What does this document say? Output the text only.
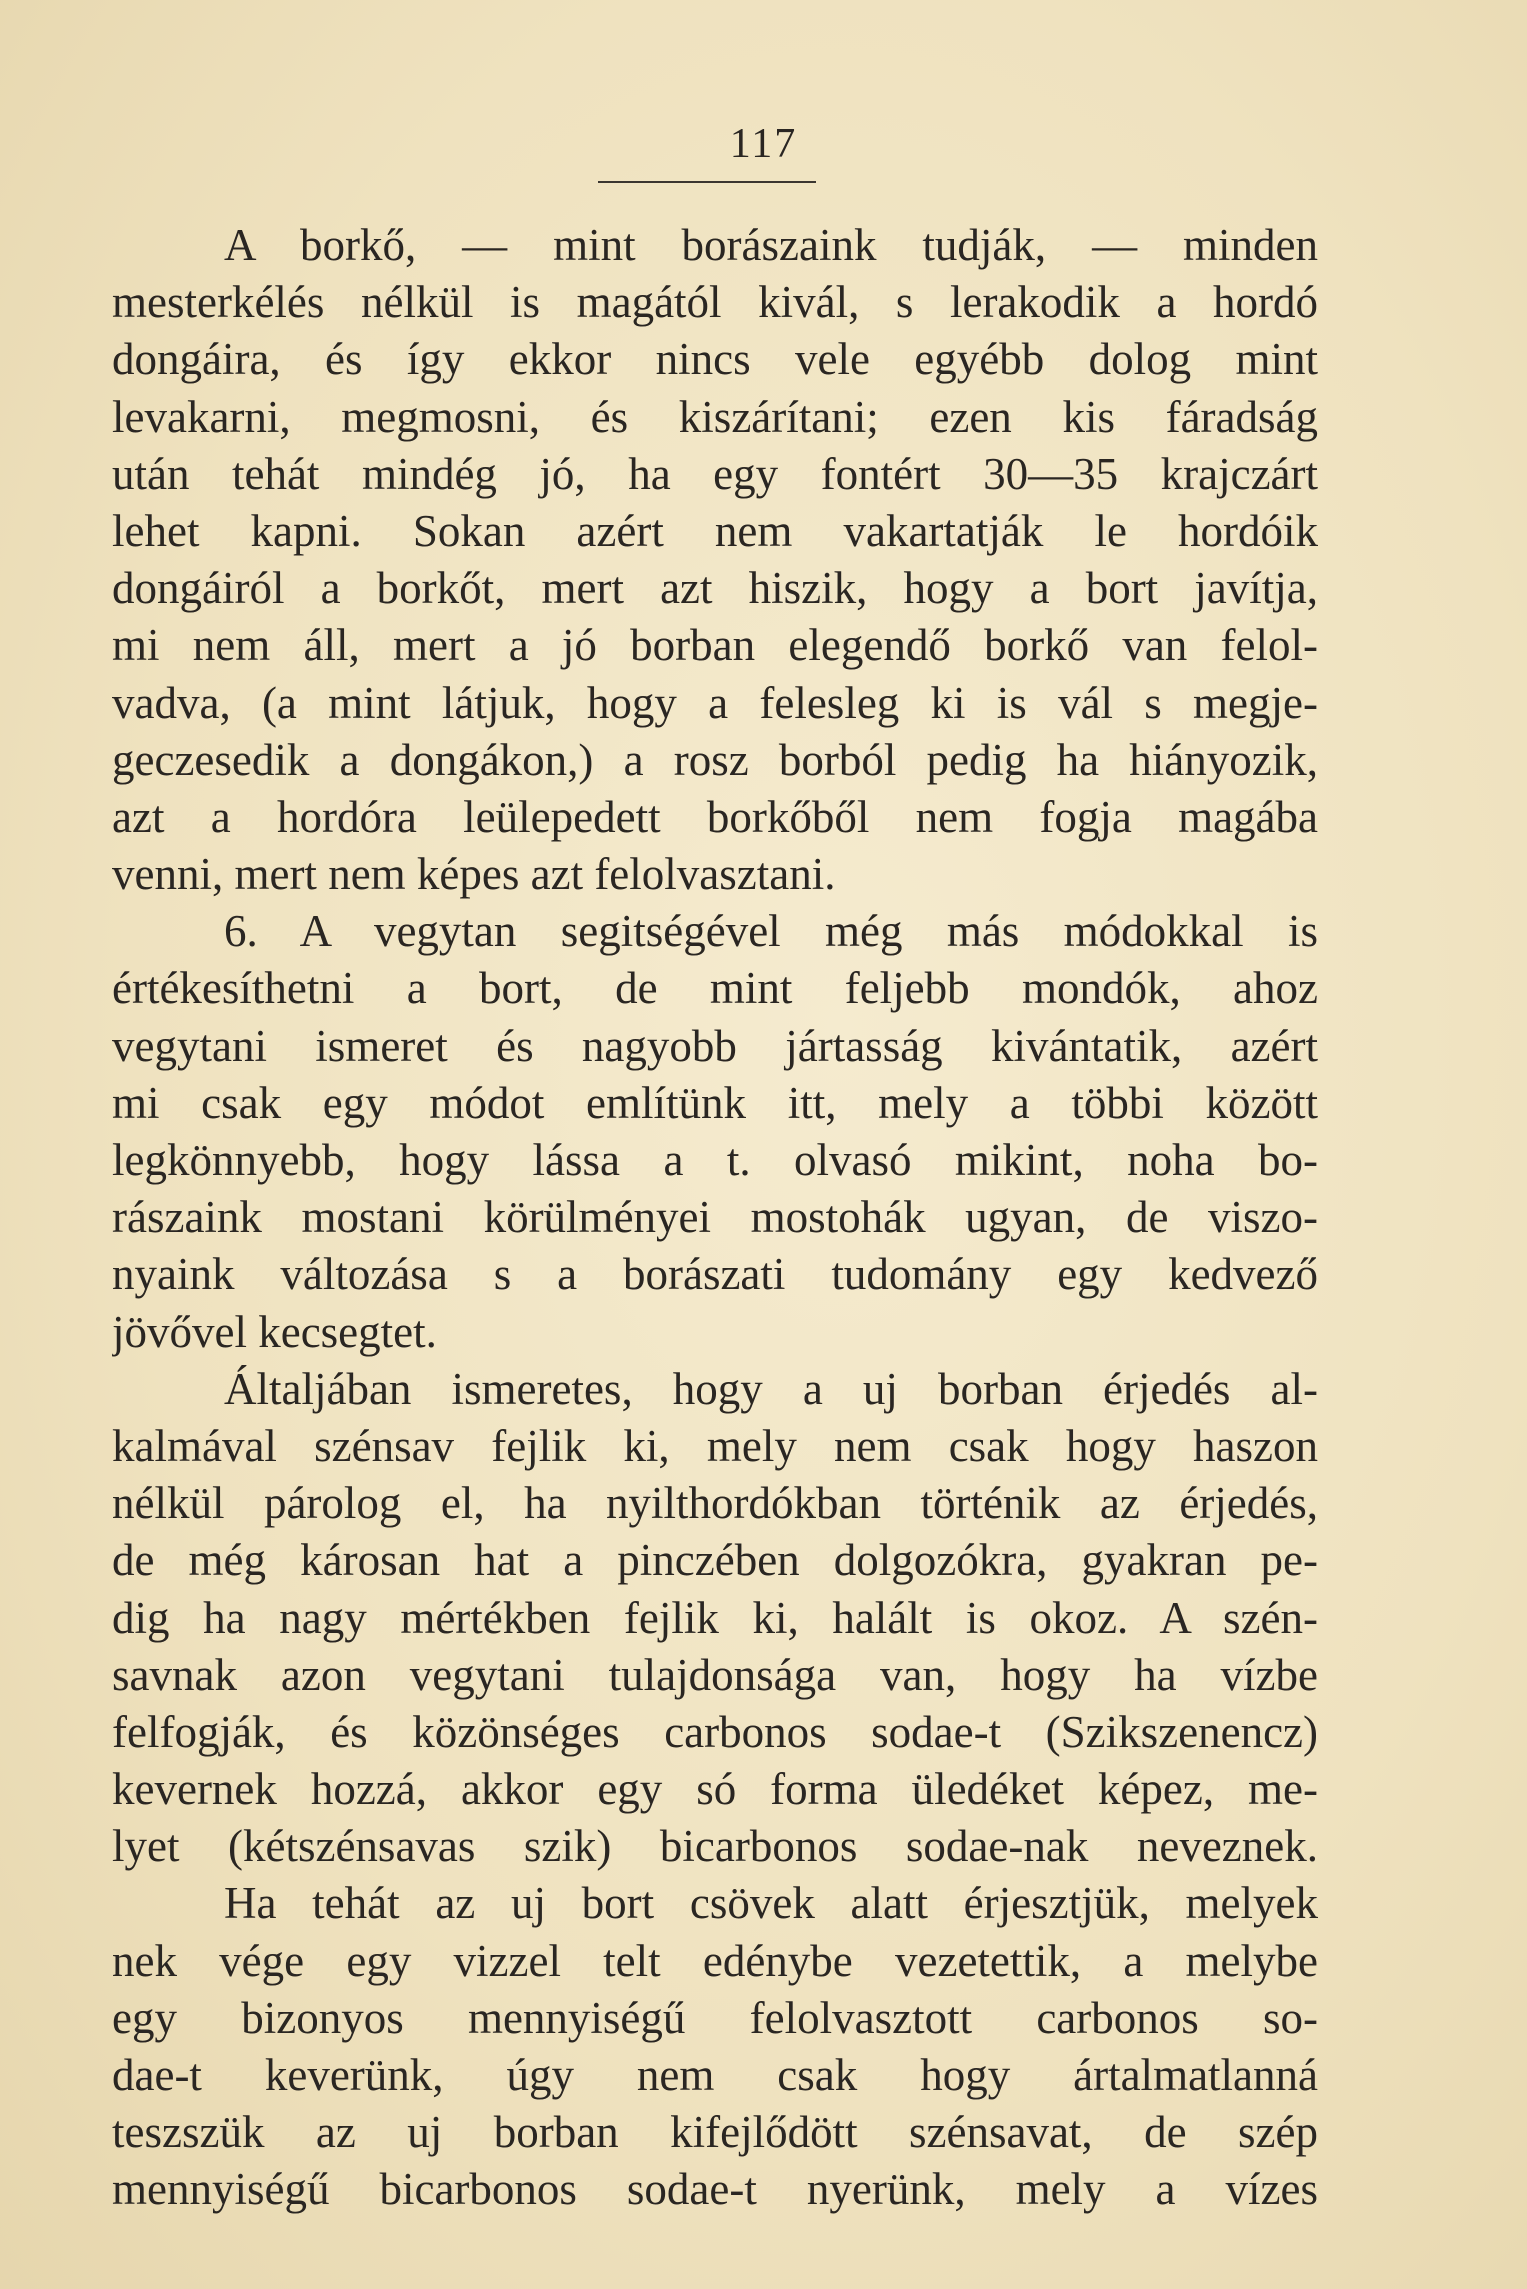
117
A borkő, — mint borászaink tudják, — minden
mesterkélés nélkül is magától kivál, s lerakodik a hordó
dongáira, és így ekkor nincs vele egyébb dolog mint
levakarni, megmosni, és kiszárítani; ezen kis fáradság
után tehát mindég jó, ha egy fontért 30—35 krajczárt
lehet kapni. Sokan azért nem vakartatják le hordóik
dongáiról a borkőt, mert azt hiszik, hogy a bort javítja,
mi nem áll, mert a jó borban elegendő borkő van felol-
vadva, (a mint látjuk, hogy a felesleg ki is vál s megje-
geczesedik a dongákon,) a rosz borból pedig ha hiányozik,
azt a hordóra leülepedett borkőből nem fogja magába
venni, mert nem képes azt felolvasztani.
6. A vegytan segitségével még más módokkal is
értékesíthetni a bort, de mint feljebb mondók, ahoz
vegytani ismeret és nagyobb jártasság kivántatik, azért
mi csak egy módot említünk itt, mely a többi között
legkönnyebb, hogy lássa a t. olvasó mikint, noha bo-
rászaink mostani körülményei mostohák ugyan, de viszo-
nyaink változása s a borászati tudomány egy kedvező
jövővel kecsegtet.
Általjában ismeretes, hogy a uj borban érjedés al-
kalmával szénsav fejlik ki, mely nem csak hogy haszon
nélkül párolog el, ha nyilthordókban történik az érjedés,
de még károsan hat a pinczében dolgozókra, gyakran pe-
dig ha nagy mértékben fejlik ki, halált is okoz. A szén-
savnak azon vegytani tulajdonsága van, hogy ha vízbe
felfogják, és közönséges carbonos sodae-t (Szikszenencz)
kevernek hozzá, akkor egy só forma üledéket képez, me-
lyet (kétszénsavas szik) bicarbonos sodae-nak neveznek.
Ha tehát az uj bort csövek alatt érjesztjük, melyek
nek vége egy vizzel telt edénybe vezetettik, a melybe
egy bizonyos mennyiségű felolvasztott carbonos so-
dae-t keverünk, úgy nem csak hogy ártalmatlanná
teszszük az uj borban kifejlődött szénsavat, de szép
mennyiségű bicarbonos sodae-t nyerünk, mely a vízes
